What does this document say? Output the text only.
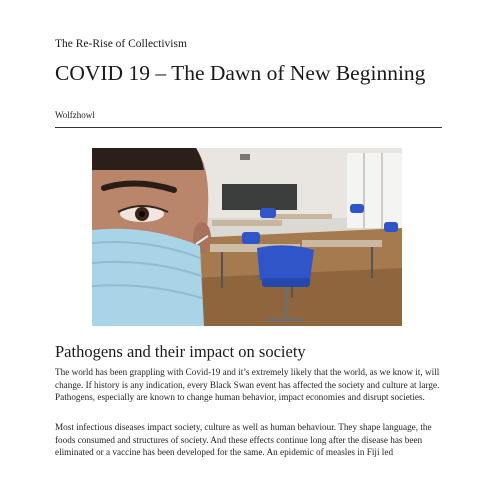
The Re-Rise of Collectivism
COVID 19 – The Dawn of New Beginning
Wolfzhowl
Pathogens and their impact on society

The world has been grappling with Covid-19 and it’s extremely likely that the world, as we know it, will change. If history is any indication, every Black Swan event has affected the society and culture at large. Pathogens, especially are known to change human behavior, impact economies and disrupt societies.

Most infectious diseases impact society, culture as well as human behaviour. They shape language, the foods consumed and structures of society. And these effects continue long after the disease has been eliminated or a vaccine has been developed for the same. An epidemic of measles in Fiji led
